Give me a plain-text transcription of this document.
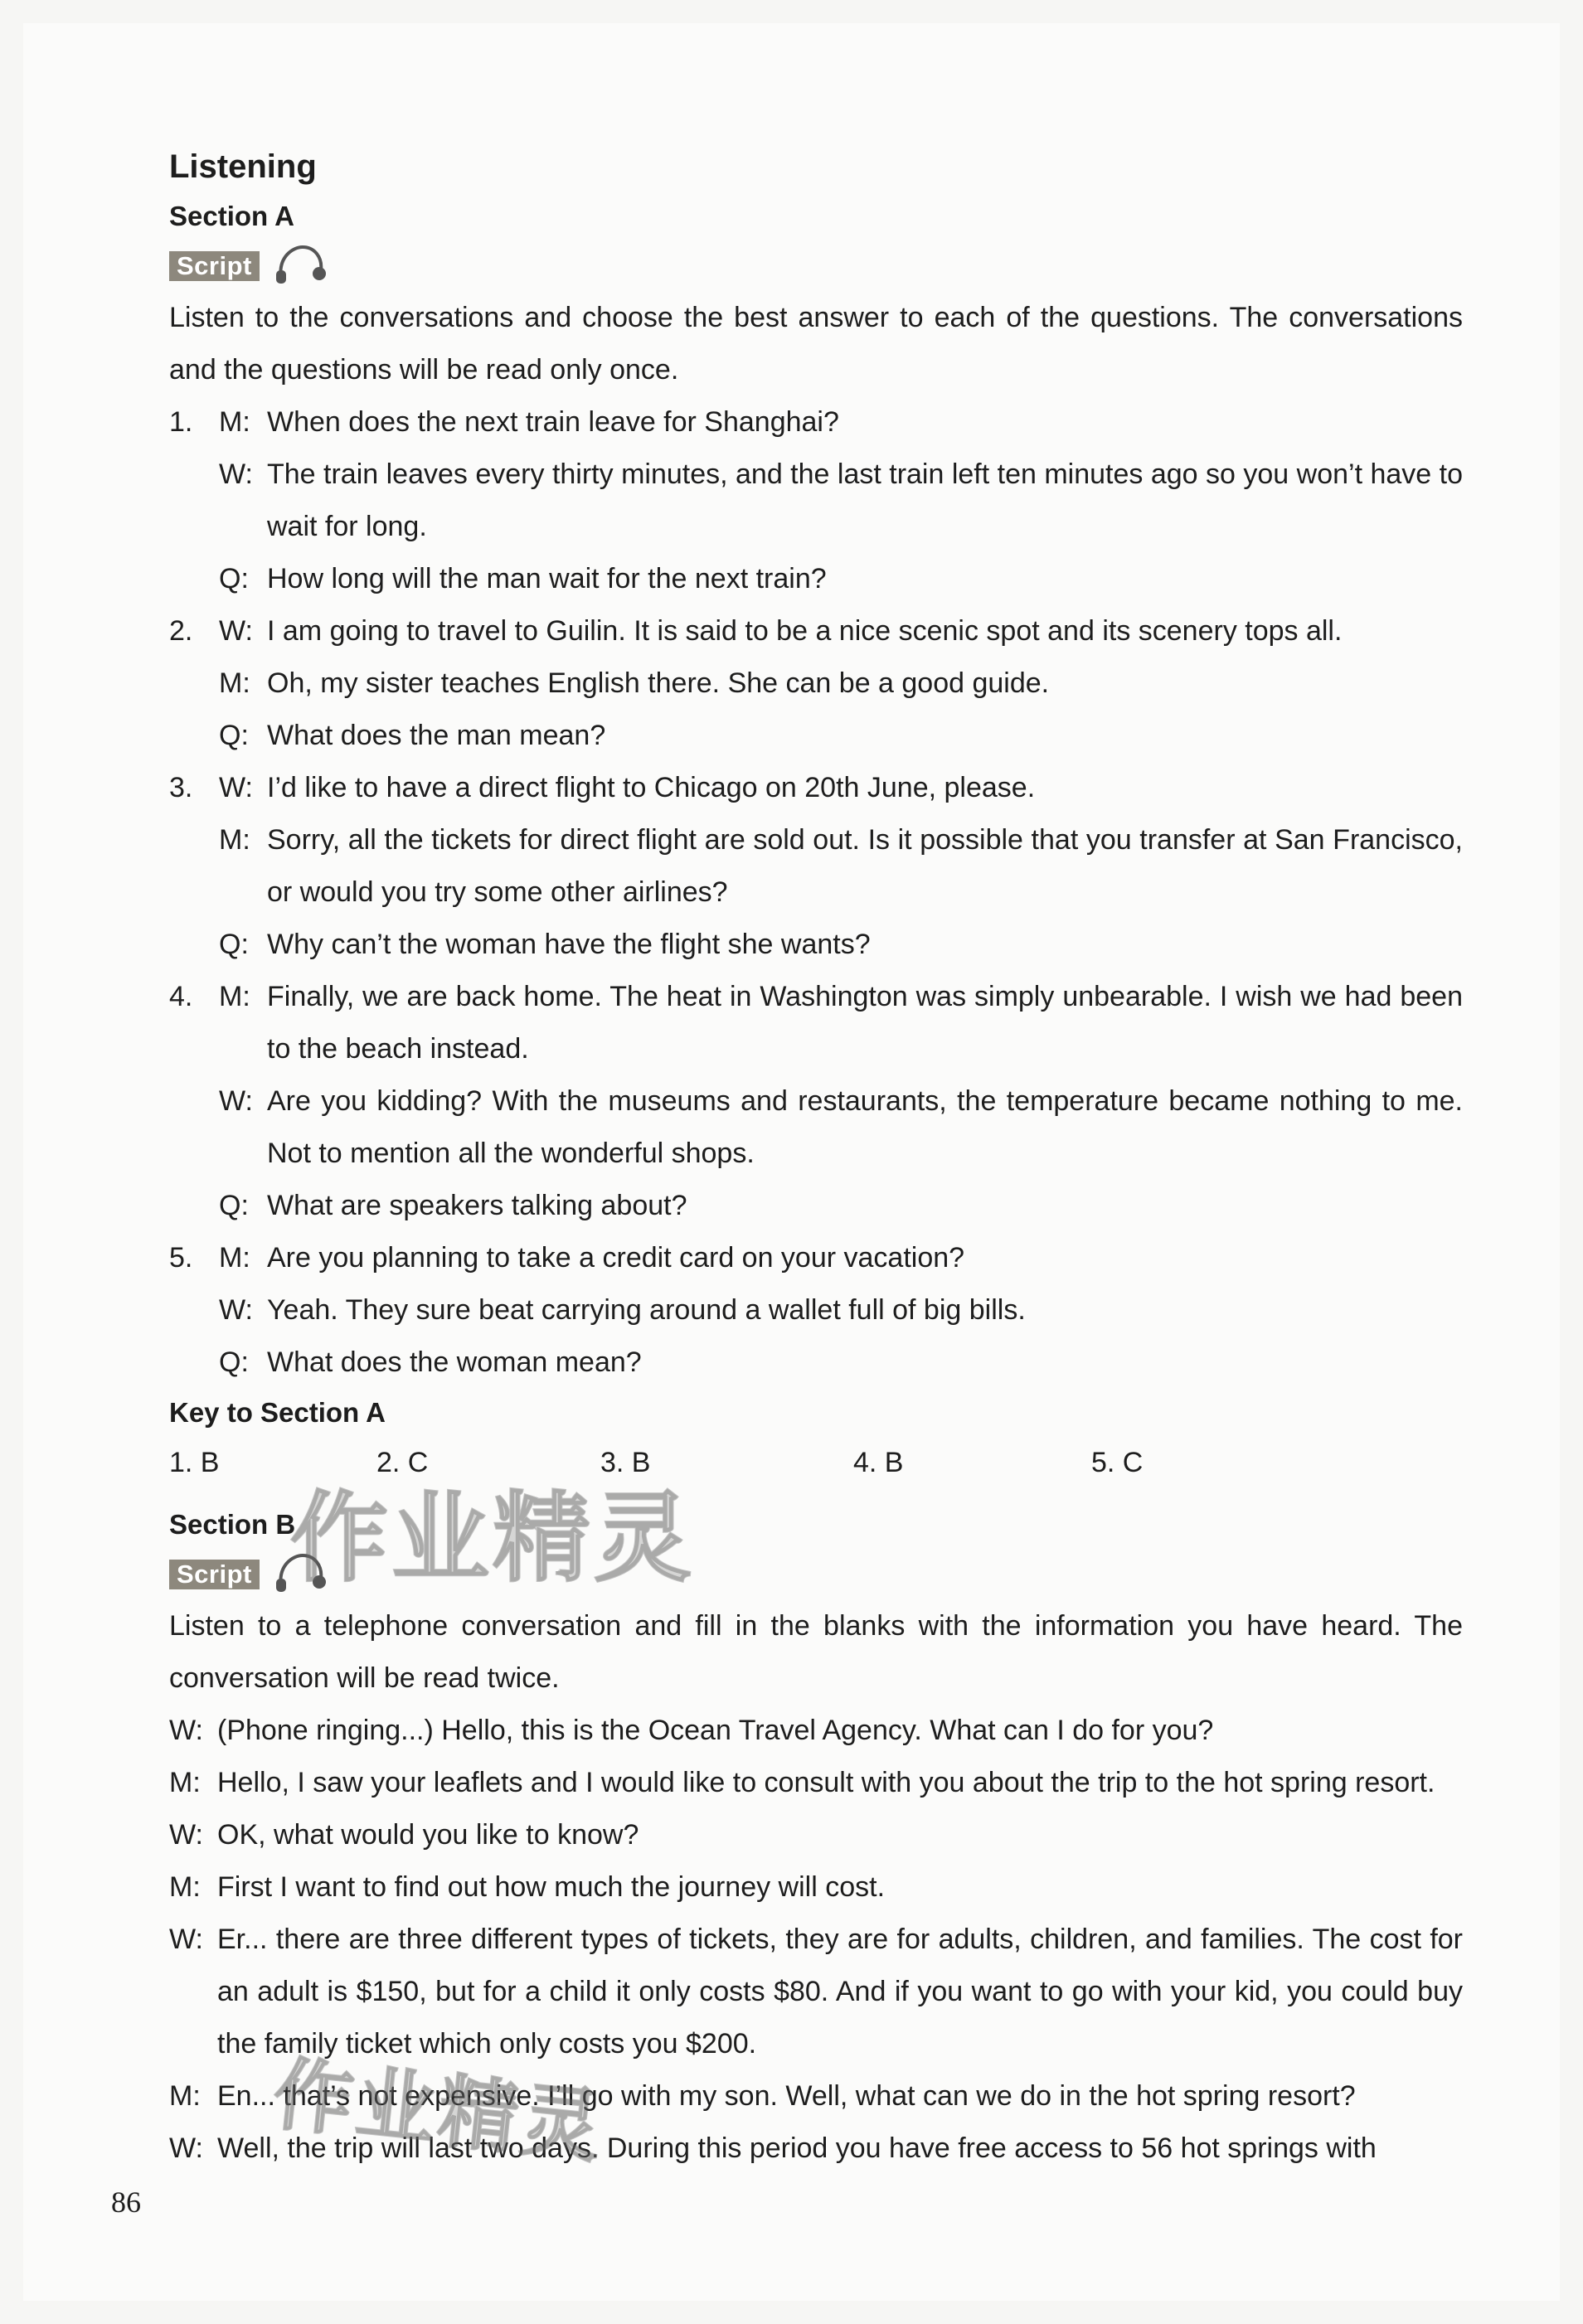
Listening
Section A
Script

Listen to the conversations and choose the best answer to each of the questions. The conversations and the questions will be read only once.

1. M: When does the next train leave for Shanghai?
W: The train leaves every thirty minutes, and the last train left ten minutes ago so you won’t have to wait for long.
Q: How long will the man wait for the next train?
2. W: I am going to travel to Guilin. It is said to be a nice scenic spot and its scenery tops all.
M: Oh, my sister teaches English there. She can be a good guide.
Q: What does the man mean?
3. W: I’d like to have a direct flight to Chicago on 20th June, please.
M: Sorry, all the tickets for direct flight are sold out. Is it possible that you transfer at San Francisco, or would you try some other airlines?
Q: Why can’t the woman have the flight she wants?
4. M: Finally, we are back home. The heat in Washington was simply unbearable. I wish we had been to the beach instead.
W: Are you kidding? With the museums and restaurants, the temperature became nothing to me. Not to mention all the wonderful shops.
Q: What are speakers talking about?
5. M: Are you planning to take a credit card on your vacation?
W: Yeah. They sure beat carrying around a wallet full of big bills.
Q: What does the woman mean?
Key to Section A
1. B	2. C	3. B	4. B	5. C
Section B
Script

Listen to a telephone conversation and fill in the blanks with the information you have heard. The conversation will be read twice.

W: (Phone ringing...) Hello, this is the Ocean Travel Agency. What can I do for you?
M: Hello, I saw your leaflets and I would like to consult with you about the trip to the hot spring resort.
W: OK, what would you like to know?
M: First I want to find out how much the journey will cost.
W: Er... there are three different types of tickets, they are for adults, children, and families. The cost for an adult is $150, but for a child it only costs $80. And if you want to go with your kid, you could buy the family ticket which only costs you $200.
M: En... that’s not expensive. I’ll go with my son. Well, what can we do in the hot spring resort?
W: Well, the trip will last two days. During this period you have free access to 56 hot springs with
作业精灵
作业精灵
86
